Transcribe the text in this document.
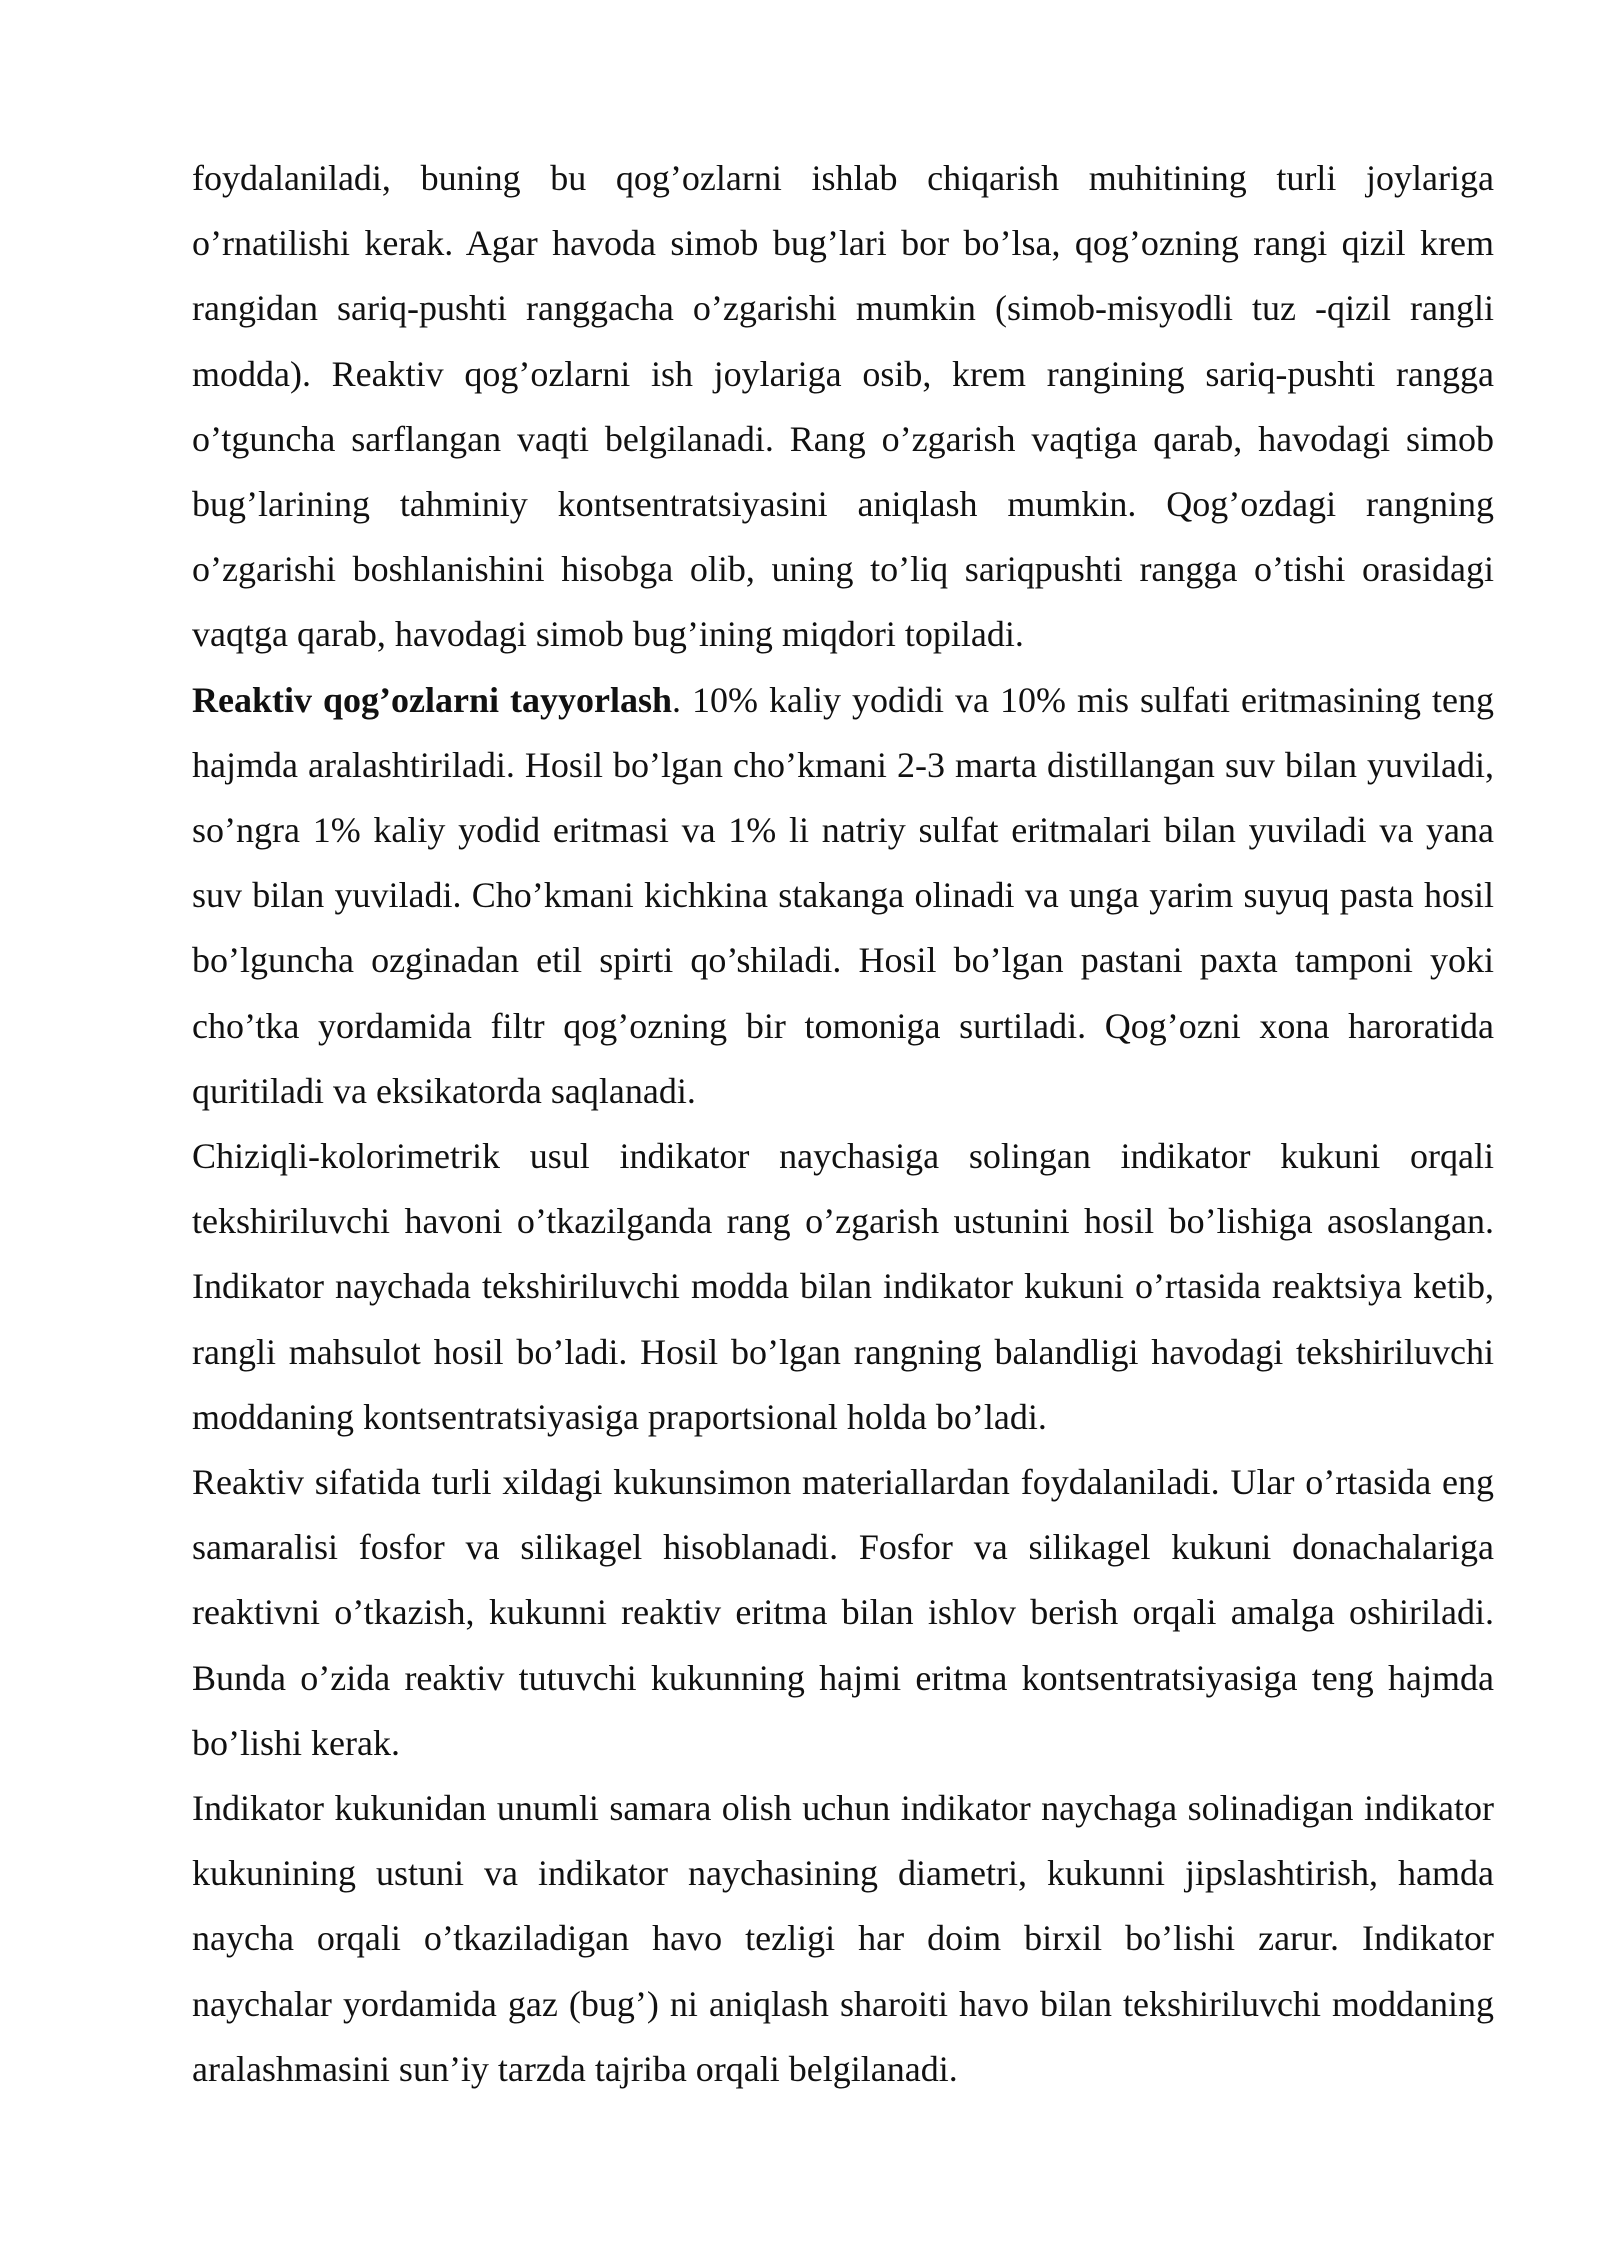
foydalaniladi, buning bu qog’ozlarni ishlab chiqarish muhitining turli joylariga o’rnatilishi kerak. Agar havoda simob bug’lari bor bo’lsa, qog’ozning rangi qizil krem rangidan sariq-pushti ranggacha o’zgarishi mumkin (simob-misyodli tuz -qizil rangli modda). Reaktiv qog’ozlarni ish joylariga osib, krem rangining sariq-pushti rangga o’tguncha sarflangan vaqti belgilanadi. Rang o’zgarish vaqtiga qarab, havodagi simob bug’larining tahminiy kontsentratsiyasini aniqlash mumkin. Qog’ozdagi rangning o’zgarishi boshlanishini hisobga olib, uning to’liq sariqpushti rangga o’tishi orasidagi vaqtga qarab, havodagi simob bug’ining miqdori topiladi.

Reaktiv qog’ozlarni tayyorlash. 10% kaliy yodidi va 10% mis sulfati eritmasining teng hajmda aralashtiriladi. Hosil bo’lgan cho’kmani 2-3 marta distillangan suv bilan yuviladi, so’ngra 1% kaliy yodid eritmasi va 1% li natriy sulfat eritmalari bilan yuviladi va yana suv bilan yuviladi. Cho’kmani kichkina stakanga olinadi va unga yarim suyuq pasta hosil bo’lguncha ozginadan etil spirti qo’shiladi. Hosil bo’lgan pastani paxta tamponi yoki cho’tka yordamida filtr qog’ozning bir tomoniga surtiladi. Qog’ozni xona haroratida quritiladi va eksikatorda saqlanadi.

Chiziqli-kolorimetrik usul indikator naychasiga solingan indikator kukuni orqali tekshiriluvchi havoni o’tkazilganda rang o’zgarish ustunini hosil bo’lishiga asoslangan. Indikator naychada tekshiriluvchi modda bilan indikator kukuni o’rtasida reaktsiya ketib, rangli mahsulot hosil bo’ladi. Hosil bo’lgan rangning balandligi havodagi tekshiriluvchi moddaning kontsentratsiyasiga praportsional holda bo’ladi.

Reaktiv sifatida turli xildagi kukunsimon materiallardan foydalaniladi. Ular o’rtasida eng samaralisi fosfor va silikagel hisoblanadi. Fosfor va silikagel kukuni donachalariga reaktivni o’tkazish, kukunni reaktiv eritma bilan ishlov berish orqali amalga oshiriladi. Bunda o’zida reaktiv tutuvchi kukunning hajmi eritma kontsentratsiyasiga teng hajmda bo’lishi kerak.

Indikator kukunidan unumli samara olish uchun indikator naychaga solinadigan indikator kukunining ustuni va indikator naychasining diametri, kukunni jipslashtirish, hamda naycha orqali o’tkaziladigan havo tezligi har doim birxil bo’lishi zarur. Indikator naychalar yordamida gaz (bug’) ni aniqlash sharoiti havo bilan tekshiriluvchi moddaning aralashmasini sun’iy tarzda tajriba orqali belgilanadi.
